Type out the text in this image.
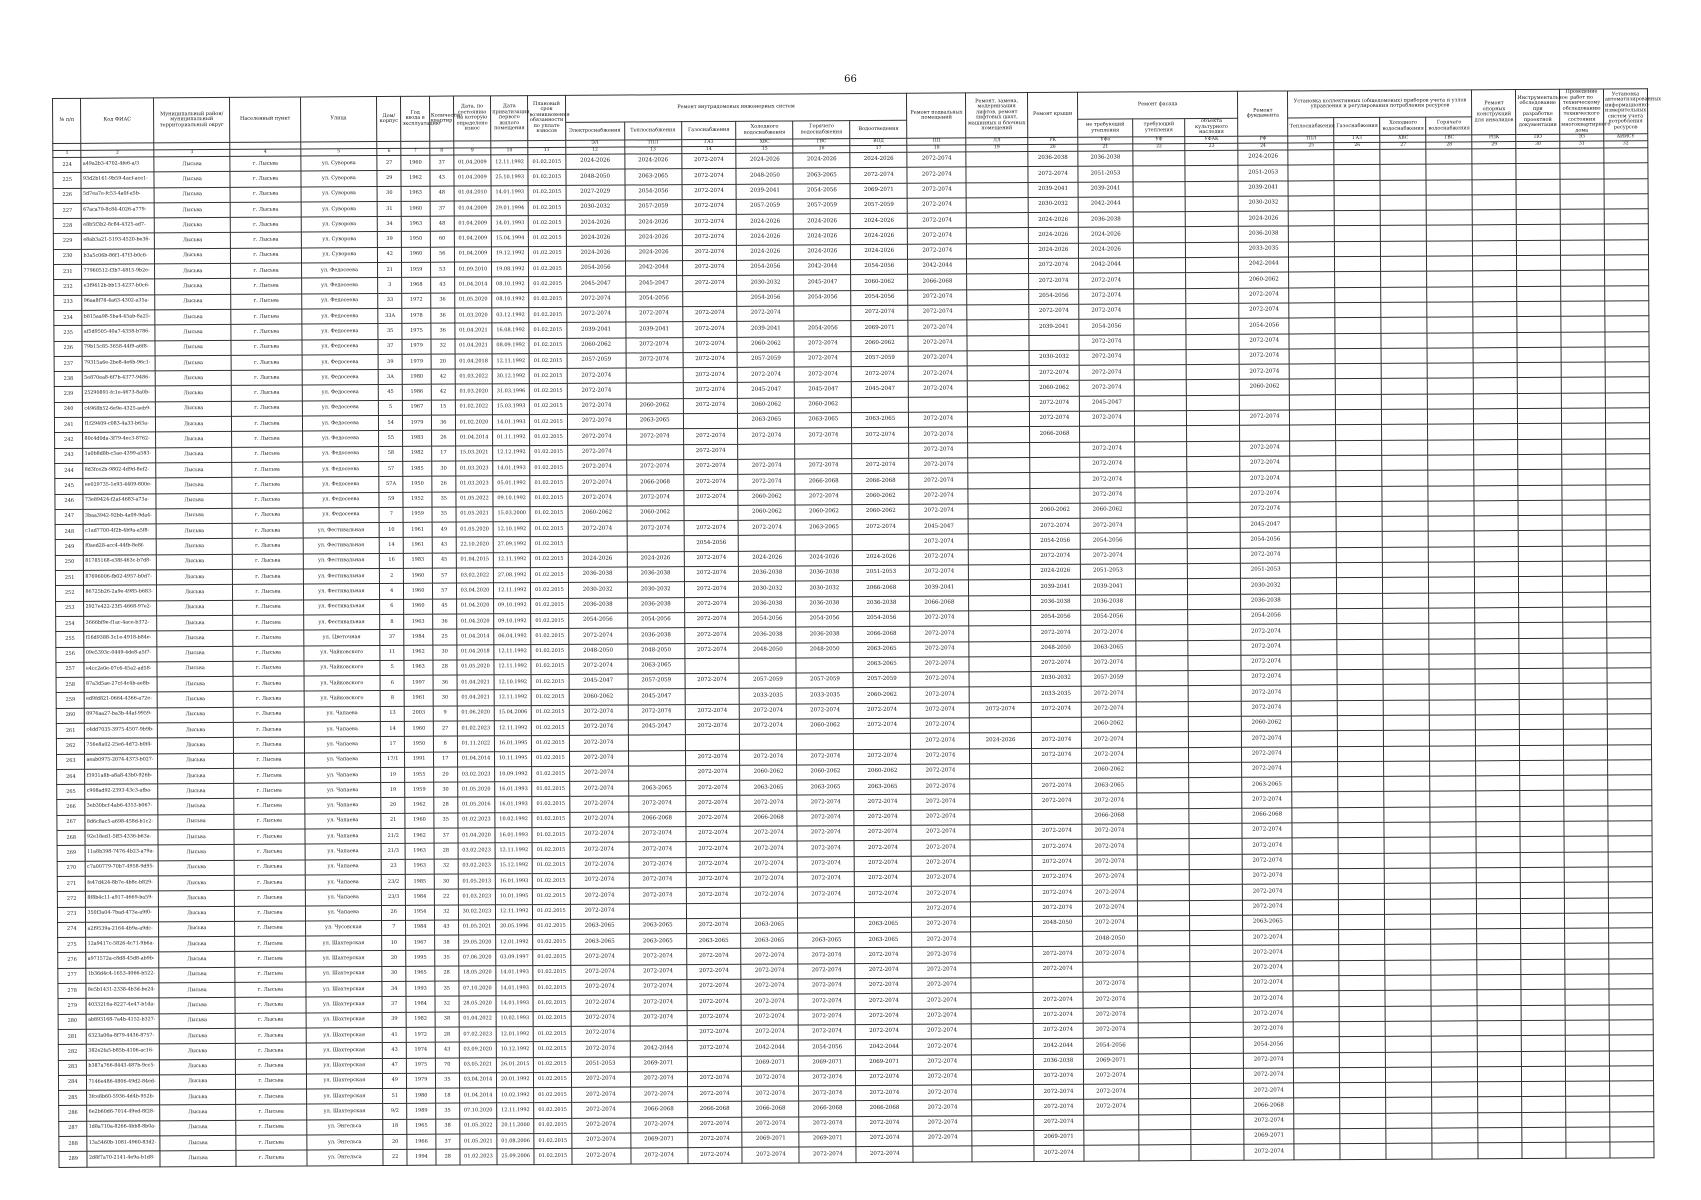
66
№ п/п	Код ФИАС	Муниципальный район/муниципальный территориальный округ	Населенный пункт	Улица	Дом/корпус	Год ввода в эксплуатацию	Количество квартир	Дата, по состоянию на которую определено износ	Дата приватизации первого жилого помещения	Плановый срок возникновения обязанности по уплате взносов	Ремонт внутридомовых инженерных систем						Ремонт подвальных помещений	Ремонт, замена, модернизация лифтов, ремонт лифтовых шахт, машинных и блочных помещений	Ремонт крыши	Ремонт фасада			Ремонт фундамента	Установка коллективных (общедомовых) приборов учета и узлов управления и регулирования потребления ресурсов				Ремонт опорных конструкций для инвалидов	Инструментальное обследование при разработке проектной документации	Проведение работ по техническому обследованию технического состояния многоквартирного дома	Установка автоматизированных информационно-измерительных систем учета потребления ресурсов
											Электроснабжения	Теплоснабжения	Газоснабжения	Холодного водоснабжения	Горячего водоснабжения	Водоотведения				не требующий утепления	требующий утепления	объекта культурного наследия		Теплоснабжения	Газоснабжения	Холодного водоснабжения	Горячего водоснабжения				
											ЭЛ	ТПЛ	ГАЗ	ХВС	ГВС	ВОД	ПП	ЛЛ	РК	УФо	УФ	УФАК	РФ	ТПЛ	ГАЗ	ХВС	ГВС	РПК	ПО	ЭЗ	АИИСУ
1	2	3	4	5	6	7	8	9	10	11	12	13	14	15	16	17	18	19	20	21	22	23	24	25	26	27	28	29	30	31	32
224	a49a2b3-4702-4fe6-a/3	Лысьва	г. Лысьва	ул. Суворова	27	1960	37	01.04.2009	12.11.1992	01.02.2015	2024-2026	2024-2026	2072-2074	2024-2026	2024-2026	2024-2026	2072-2074		2036-2038	2036-2038			2024-2026								
225	93d2b161-9b59-4acf-ace1-	Лысьва	г. Лысьва	ул. Суворова	29	1962	43	01.04.2009	25.10.1993	01.02.2015	2048-2050	2063-2065	2072-2074	2048-2050	2063-2065	2072-2074	2072-2074		2072-2074	2051-2053			2051-2053								
226	5d7ea7e-fc53-4a0f-a5b-	Лысьва	г. Лысьва	ул. Суворова	30	1963	48	01.04.2010	14.01.1993	01.02.2015	2027-2029	2054-2056	2072-2074	2039-2041	2054-2056	2069-2071	2072-2074		2039-2041	2039-2041			2039-2041								
227	67aca79-8c84-4026-a779-	Лысьва	г. Лысьва	ул. Суворова	31	1960	37	01.04.2009	29.01.1994	01.02.2015	2030-2032	2057-2059	2072-2074	2057-2059	2057-2059	2057-2059	2072-2074		2030-2032	2042-2044			2030-2032								
228	e8b5f3b2-8c84-4325-ad7-	Лысьва	г. Лысьва	ул. Суворова	34	1963	48	01.04.2009	14.01.1993	01.02.2015	2024-2026	2024-2026	2072-2074	2024-2026	2024-2026	2024-2026	2072-2074		2024-2026	2036-2038			2024-2026								
229	e8ab3a21-5193-4520-be36-	Лысьва	г. Лысьва	ул. Суворова	39	1950	60	01.04.2009	15.04.1994	01.02.2015	2024-2026	2024-2026	2072-2074	2024-2026	2024-2026	2024-2026	2072-2074		2024-2026	2024-2026			2036-2038								
230	b3a5c06b-86f1-47f3-b0c6-	Лысьва	г. Лысьва	ул. Суворова	42	1960	56	01.04.2009	19.12.1992	01.02.2015	2024-2026	2024-2026	2072-2074	2024-2026	2024-2026	2024-2026	2072-2074		2024-2026	2024-2026			2033-2035								
231	77960512-f3b7-4815-9b2e-	Лысьва	г. Лысьва	ул. Федосеева	21	1959	53	01.09.2010	19.08.1992	01.02.2015	2054-2056	2042-2044	2072-2074	2054-2056	2042-2044	2054-2056	2042-2044		2072-2074	2042-2044			2042-2044								
232	e3f9612b-bb13-4237-b0c6-	Лысьва	г. Лысьва	ул. Федосеева	3	1968	43	01.04.2014	08.10.1992	01.02.2015	2045-2047	2045-2047	2072-2074	2030-2032	2045-2047	2060-2062	2066-2068		2072-2074	2072-2074			2060-2062								
233	96aa8f78-4a63-4302-a35a-	Лысьва	г. Лысьва	ул. Федосеева	33	1972	36	01.05.2020	08.10.1992	01.02.2015	2072-2074	2054-2056		2054-2056	2054-2056	2054-2056	2072-2074		2054-2056	2072-2074			2072-2074								
234	b815aa98-5ba4-45ab-8a25-	Лысьва	г. Лысьва	ул. Федосеева	33A	1978	36	01.03.2020	03.12.1992	01.02.2015	2072-2074	2072-2074	2072-2074	2072-2074		2072-2074	2072-2074		2072-2074	2072-2074			2072-2074								
235	af5d9505-40a7-4358-b786-	Лысьва	г. Лысьва	ул. Федосеева	35	1975	36	01.04.2021	16.08.1992	01.02.2015	2039-2041	2039-2041	2072-2074	2039-2041	2054-2056	2069-2071	2072-2074		2039-2041	2054-2056			2054-2056								
236	79b15c85-3658-44f9-a6f8-	Лысьва	г. Лысьва	ул. Федосеева	37	1979	32	01.04.2021	08.09.1992	01.02.2015	2060-2062	2072-2074	2072-2074	2060-2062	2072-2074	2060-2062	2072-2074			2072-2074			2072-2074								
237	79315a6e-2be8-4e6b-96c1-	Лысьва	г. Лысьва	ул. Федосеева	39	1979	20	01.04.2018	12.11.1992	01.02.2015	2057-2059	2072-2074	2072-2074	2057-2059	2072-2074	2057-2059	2072-2074		2030-2032	2072-2074			2072-2074								
238	5e870ea8-6f7b-4377-9486-	Лысьва	г. Лысьва	ул. Федосеева	3A	1980	42	01.03.2022	30.12.1992	01.02.2015	2072-2074		2072-2074	2072-2074	2072-2074	2072-2074	2072-2074		2072-2074	2072-2074			2072-2074								
239	25290891-fc1e-4673-8a0b-	Лысьва	г. Лысьва	ул. Федосеева	45	1986	42	01.03.2020	31.03.1996	01.02.2015	2072-2074		2072-2074	2045-2047	2045-2047	2045-2047	2072-2074		2060-2062	2072-2074			2060-2062								
240	c4968b52-6e9e-4325-aeb9-	Лысьва	г. Лысьва	ул. Федосеева	5	1967	15	01.02.2022	15.03.1993	01.02.2015	2072-2074	2060-2062	2072-2074	2060-2062	2060-2062				2072-2074	2045-2047											
241	f1f29409-c083-4a33-b63a-	Лысьва	г. Лысьва	ул. Федосеева	54	1979	36	01.02.2020	14.01.1993	01.02.2015	2072-2074	2063-2065		2063-2065	2063-2065	2063-2065	2072-2074		2072-2074	2072-2074			2072-2074								
242	80c4d0da-3f79-4ec3-8762-	Лысьва	г. Лысьва	ул. Федосеева	55	1983	26	01.04.2014	01.11.1992	01.02.2015	2072-2074	2072-2074	2072-2074	2072-2074	2072-2074	2072-2074	2072-2074		2066-2068												
243	1a0b8d8b-c5ae-4399-a583-	Лысьва	г. Лысьва	ул. Федосеева	58	1982	17	15.03.2021	12.12.1992	01.02.2015	2072-2074		2072-2074				2072-2074			2072-2074			2072-2074								
244	8d3fce2b-9802-4d9d-8ef2-	Лысьва	г. Лысьва	ул. Федосеева	57	1985	30	01.03.2023	14.01.1993	01.02.2015	2072-2074	2072-2074	2072-2074	2072-2074	2072-2074	2072-2074	2072-2074			2072-2074			2072-2074								
245	ee029735-1e93-4409-800e-	Лысьва	г. Лысьва	ул. Федосеева	57A	1950	26	01.03.2023	05.01.1992	01.02.2015	2072-2074	2066-2068	2072-2074	2072-2074	2066-2068	2066-2068	2072-2074			2072-2074			2072-2074								
246	73e89424-f2af-4683-a73a-	Лысьва	г. Лысьва	ул. Федосеева	59	1952	35	01.05.2022	09.10.1992	01.02.2015	2072-2074	2072-2074	2072-2074	2060-2062	2072-2074	2060-2062	2072-2074			2072-2074			2072-2074								
247	3baa3942-92bb-4a09-9da4-	Лысьва	г. Лысьва	ул. Федосеева	7	1959	35	01.05.2021	15.03.2000	01.02.2015	2060-2062	2060-2062		2060-2062	2060-2062	2060-2062	2072-2074		2060-2062	2060-2062			2072-2074								
248	c1ad7700-4f2b-4b9a-a5f8-	Лысьва	г. Лысьва	ул. Фестивальная	10	1961	49	01.05.2020	12.10.1992	01.02.2015	2072-2074	2072-2074	2072-2074	2072-2074	2063-2065	2072-2074	2045-2047		2072-2074	2072-2074			2045-2047								
249	f0aed28-acc4-44fb-8e8f-	Лысьва	г. Лысьва	ул. Фестивальная	14	1961	43	22.10.2020	27.09.1992	01.02.2015			2054-2056				2072-2074		2054-2056	2054-2056			2054-2056								
250	81785168-e38f-463c-b7d8-	Лысьва	г. Лысьва	ул. Фестивальная	16	1983	45	01.04.2015	12.11.1992	01.02.2015	2024-2026	2024-2026	2072-2074	2024-2026	2024-2026	2024-2026	2072-2074		2072-2074	2072-2074			2072-2074								
251	87696006-fb02-4957-b0d7-	Лысьва	г. Лысьва	ул. Фестивальная	2	1960	57	03.02.2022	27.08.1992	01.02.2015	2036-2038	2036-2038	2072-2074	2036-2038	2036-2038	2051-2053	2072-2074		2024-2026	2051-2053			2051-2053								
252	86725b26-2a9e-4985-b683-	Лысьва	г. Лысьва	ул. Фестивальная	4	1960	57	03.04.2020	12.11.1992	01.02.2015	2030-2032	2030-2032	2072-2074	2030-2032	2030-2032	2066-2068	2039-2041		2039-2041	2039-2041			2030-2032								
253	2927e422-23f5-4668-97e2-	Лысьва	г. Лысьва	ул. Фестивальная	6	1960	45	01.04.2020	09.10.1992	01.02.2015	2036-2038	2036-2038	2072-2074	2036-2038	2036-2038	2036-2038	2066-2068		2036-2038	2036-2038			2036-2038								
254	3666bf9e-f1ac-4ace-b372-	Лысьва	г. Лысьва	ул. Фестивальная	8	1963	36	01.04.2020	09.10.1992	01.02.2015	2054-2056	2054-2056	2072-2074	2054-2056	2054-2056	2054-2056	2072-2074		2054-2056	2054-2056			2054-2056								
255	f16d9388-3c1e-4918-b84e-	Лысьва	г. Лысьва	ул. Цветочная	37	1984	25	01.04.2014	06.04.1992	01.02.2015	2072-2074	2036-2038	2072-2074	2036-2038	2036-2038	2066-2068	2072-2074		2072-2074	2072-2074			2072-2074								
256	09e5393c-0449-4de8-a5f7-	Лысьва	г. Лысьва	ул. Чайковского	11	1962	30	01.04.2018	12.11.1992	01.02.2015	2048-2050	2048-2050	2072-2074	2048-2050	2048-2050	2063-2065	2072-2074		2048-2050	2063-2065			2072-2074								
257	e4cc2e0e-07c6-45a2-ad58-	Лысьва	г. Лысьва	ул. Чайковского	5	1963	28	01.05.2020	12.11.1992	01.02.2015	2072-2074	2063-2065				2063-2065	2072-2074		2072-2074	2072-2074			2072-2074								
258	87a3d5ae-27cf-4c4b-ae8b-	Лысьва	г. Лысьва	ул. Чайковского	6	1997	36	01.04.2021	12.10.1992	01.02.2015	2045-2047	2057-2059	2072-2074	2057-2059	2057-2059	2057-2059	2072-2074		2030-2032	2057-2059			2072-2074								
259	ed9fd821-0664-4366-a72e-	Лысьва	г. Лысьва	ул. Чайковского	8	1961	30	01.04.2021	12.11.1992	01.02.2015	2060-2062	2045-2047		2033-2035	2033-2035	2060-2062	2072-2074		2033-2035	2072-2074			2072-2074								
260	0976aa27-ba3b-44af-9959-	Лысьва	г. Лысьва	ул. Чапаева	13	2003	9	01.06.2020	15.04.2006	01.02.2015	2072-2074	2072-2074	2072-2074	2072-2074	2072-2074	2072-2074	2072-2074	2072-2074	2072-2074	2072-2074			2072-2074								
261	c4dd7035-3975-4507-9b9b-	Лысьва	г. Лысьва	ул. Чапаева	14	1960	27	01.02.2023	12.11.1992	01.02.2015	2072-2074	2045-2047	2072-2074	2072-2074	2060-2062	2072-2074	2072-2074			2060-2062			2060-2062								
262	756e8a02-25e6-4d72-b0f4-	Лысьва	г. Лысьва	ул. Чапаева	17	1950	8	01.11.2022	16.01.1995	01.02.2015	2072-2074						2072-2074	2024-2026	2072-2074	2072-2074			2072-2074								
263	aeab0975-2074-4373-b027-	Лысьва	г. Лысьва	ул. Чапаева	17/1	1991	17	01.04.2014	10.11.1995	01.02.2015	2072-2074		2072-2074	2072-2074	2072-2074	2072-2074	2072-2074		2072-2074	2072-2074			2072-2074								
264	f3931a8b-a8a8-43b0-926b-	Лысьва	г. Лысьва	ул. Чапаева	19	1955	20	03.02.2023	10.09.1992	01.02.2015	2072-2074		2072-2074	2060-2062	2060-2062	2060-2062	2072-2074			2060-2062			2072-2074								
265	c908ad92-2393-43c3-afba-	Лысьва	г. Лысьва	ул. Чапаева	19	1959	30	01.05.2020	16.01.1993	01.02.2015	2072-2074	2063-2065	2072-2074	2063-2065	2063-2065	2063-2065	2072-2074		2072-2074	2063-2065			2063-2065								
266	3eb30bcf-4ab6-4353-b067-	Лысьва	г. Лысьва	ул. Чапаева	20	1962	28	01.05.2016	16.01.1993	01.02.2015	2072-2074	2072-2074	2072-2074	2072-2074	2072-2074	2072-2074	2072-2074		2072-2074	2072-2074			2072-2074								
267	8d6c8ac5-a698-458d-b1c2-	Лысьва	г. Лысьва	ул. Чапаева	21	1960	35	01.02.2023	10.02.1992	01.02.2015	2072-2074	2066-2068	2072-2074	2066-2068	2072-2074	2072-2074	2072-2074			2066-2068			2066-2068								
268	92e18ed1-5ff3-4336-b63a-	Лысьва	г. Лысьва	ул. Чапаева	21/2	1962	37	01.04.2020	16.01.1993	01.02.2015	2072-2074	2072-2074	2072-2074	2072-2074	2072-2074	2072-2074	2072-2074		2072-2074	2072-2074			2072-2074								
269	11a8b398-7476-4b23-a79a-	Лысьва	г. Лысьва	ул. Чапаева	21/3	1963	28	03.02.2023	12.11.1992	01.02.2015	2072-2074	2072-2074	2072-2074	2072-2074	2072-2074	2072-2074	2072-2074		2072-2074	2072-2074			2072-2074								
270	c7a00779-70b7-4958-9d95-	Лысьва	г. Лысьва	ул. Чапаева	23	1963	32	03.02.2023	15.12.1992	01.02.2015	2072-2074	2072-2074	2072-2074	2072-2074	2072-2074	2072-2074	2072-2074		2072-2074	2072-2074			2072-2074								
271	fe47d424-8b7e-4b8c-b829-	Лысьва	г. Лысьва	ул. Чапаева	23/2	1985	30	01.05.2013	16.01.1993	01.02.2015	2072-2074	2072-2074	2072-2074	2072-2074	2072-2074	2072-2074	2072-2074		2072-2074	2072-2074			2072-2074								
272	8f8b4c11-a917-4669-ba59-	Лысьва	г. Лысьва	ул. Чапаева	23/3	1984	22	01.03.2023	10.01.1995	01.02.2015	2072-2074	2072-2074	2072-2074	2072-2074	2072-2074	2072-2074	2072-2074		2072-2074	2072-2074			2072-2074								
273	350f3a04-7bad-473a-a9f0-	Лысьва	г. Лысьва	ул. Чапаева	26	1954	32	30.02.2023	12.11.1992	01.02.2015	2072-2074						2072-2074		2072-2074	2072-2074			2072-2074								
274	a2f9539a-2164-4b9a-a9dc-	Лысьва	г. Лысьва	ул. Чусовская	7	1984	43	01.05.2021	20.05.1996	01.02.2015	2063-2065	2063-2065	2072-2074	2063-2065		2063-2065	2072-2074		2048-2050	2072-2074			2063-2065								
275	12a9417c-5826-4c71-9b6a-	Лысьва	г. Лысьва	ул. Шахтерская	10	1967	38	29.05.2020	12.01.1992	01.02.2015	2063-2065	2063-2065	2063-2065	2063-2065	2063-2065	2063-2065	2072-2074			2048-2050			2072-2074								
276	a971572a-c8d8-45d8-ab9b-	Лысьва	г. Лысьва	ул. Шахтерская	20	1995	35	07.06.2020	03.09.1997	01.02.2015	2072-2074	2072-2074	2072-2074	2072-2074	2072-2074	2072-2074	2072-2074		2072-2074	2072-2074			2072-2074								
277	1b36d4c4-1653-4066-b522-	Лысьва	г. Лысьва	ул. Шахтерская	30	1965	28	18.05.2020	14.01.1993	01.02.2015	2072-2074	2072-2074	2072-2074	2072-2074	2072-2074	2072-2074	2072-2074		2072-2074				2072-2074								
278	8e5b1431-2338-4b3d-be24-	Лысьва	г. Лысьва	ул. Шахтерская	34	1993	35	07.10.2020	14.01.1993	01.02.2015	2072-2074	2072-2074	2072-2074	2072-2074	2072-2074	2072-2074	2072-2074			2072-2074			2072-2074								
279	4033216a-8227-4e47-b1da-	Лысьва	г. Лысьва	ул. Шахтерская	37	1984	32	28.05.2020	14.01.1993	01.02.2015	2072-2074	2072-2074	2072-2074	2072-2074	2072-2074	2072-2074	2072-2074		2072-2074	2072-2074			2072-2074								
280	ab893168-7a4b-4152-b327-	Лысьва	г. Лысьва	ул. Шахтерская	39	1982	38	01.04.2022	10.02.1993	01.02.2015	2072-2074	2072-2074	2072-2074	2072-2074	2072-2074	2072-2074	2072-2074		2072-2074	2072-2074			2072-2074								
281	6323a06a-8f79-4436-8757-	Лысьва	г. Лысьва	ул. Шахтерская	41	1972	28	07.02.2023	12.01.1992	01.02.2015	2072-2074		2072-2074	2072-2074	2072-2074	2072-2074	2072-2074		2072-2074	2072-2074			2072-2074								
282	382e2fa5-b85b-4106-ac16-	Лысьва	г. Лысьва	ул. Шахтерская	43	1974	43	03.09.2020	10.12.1992	01.02.2015	2072-2074	2042-2044	2072-2074	2042-2044	2054-2056	2042-2044	2072-2074		2042-2044	2054-2056			2054-2056								
283	b387a766-8443-487b-9cc5-	Лысьва	г. Лысьва	ул. Шахтерская	47	1975	70	03.05.2021	26.01.2015	01.02.2015	2051-2053	2069-2071		2069-2071	2069-2071	2069-2071	2072-2074		2036-2038	2069-2071			2072-2074								
284	7146e486-4806-49d2-84ed-	Лысьва	г. Лысьва	ул. Шахтерская	49	1979	35	03.04.2014	20.01.1992	01.02.2015	2072-2074	2072-2074	2072-2074	2072-2074	2072-2074	2072-2074	2072-2074		2072-2074	2072-2074			2072-2074								
285	3fce8b60-5936-4d4b-952b-	Лысьва	г. Лысьва	ул. Шахтерская	51	1980	18	01.04.2014	10.02.1992	01.02.2015	2072-2074	2072-2074	2072-2074	2072-2074	2072-2074	2072-2074	2072-2074		2072-2074	2072-2074			2072-2074								
286	6e2b60d6-7014-49ed-8f28-	Лысьва	г. Лысьва	ул. Шахтерская	9/2	1989	35	07.10.2020	12.11.1992	01.02.2015	2072-2074	2066-2068	2066-2068	2066-2068	2066-2068	2066-2068	2072-2074		2072-2074	2072-2074			2066-2068								
287	1d8a710a-8266-4bb8-8b0a-	Лысьва	г. Лысьва	ул. Энгельса	18	1965	38	01.05.2022	20.11.2000	01.02.2015	2072-2074	2072-2074	2072-2074	2072-2074	2072-2074	2072-2074	2072-2074		2072-2074				2072-2074								
288	13a5460b-1081-4960-83d2-	Лысьва	г. Лысьва	ул. Энгельса	20	1966	37	01.05.2021	01.08.2006	01.02.2015	2072-2074	2069-2071	2072-2074	2069-2071	2069-2071	2072-2074	2072-2074		2069-2071				2069-2071								
289	2d8f7a70-2141-4e9a-b1d8-	Лысьва	г. Лысьва	ул. Энгельса	22	1994	28	01.02.2023	25.09.2006	01.02.2015	2072-2074	2072-2074	2072-2074	2072-2074	2072-2074	2072-2074			2072-2074				2072-2074								
